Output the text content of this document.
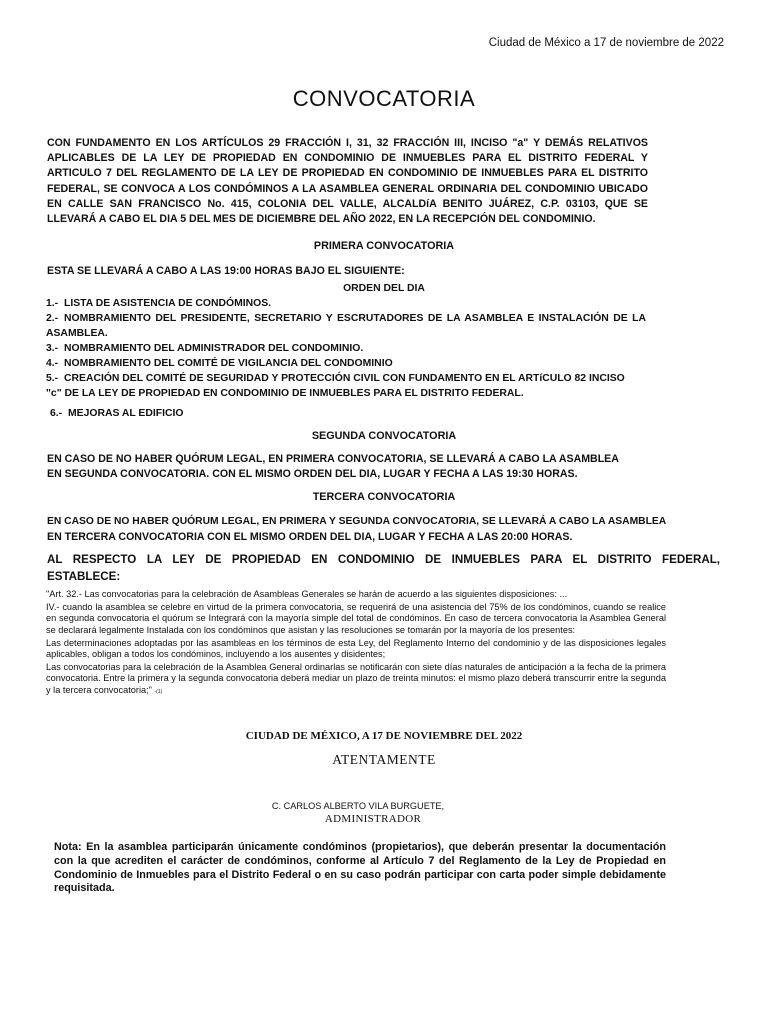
Ciudad de México a 17 de noviembre de 2022
CONVOCATORIA
CON FUNDAMENTO EN LOS ARTÍCULOS 29 FRACCIÓN I, 31, 32 FRACCIÓN III, INCISO "a" Y DEMÁS RELATIVOS APLICABLES DE LA LEY DE PROPIEDAD EN CONDOMINIO DE INMUEBLES PARA EL DISTRITO FEDERAL Y ARTICULO 7 DEL REGLAMENTO DE LA LEY DE PROPIEDAD EN CONDOMINIO DE INMUEBLES PARA EL DISTRITO FEDERAL, SE CONVOCA A LOS CONDÓMINOS A LA ASAMBLEA GENERAL ORDINARIA DEL CONDOMINIO UBICADO EN CALLE SAN FRANCISCO No. 415, COLONIA DEL VALLE, ALCALDíA BENITO JUÁREZ, C.P. 03103, QUE SE LLEVARÁ A CABO EL DIA 5 DEL MES DE DICIEMBRE DEL AÑO 2022, EN LA RECEPCIÓN DEL CONDOMINIO.
PRIMERA CONVOCATORIA
ESTA SE LLEVARÁ A CABO A LAS 19:00 HORAS BAJO EL SIGUIENTE:
ORDEN DEL DIA
1.- LISTA DE ASISTENCIA DE CONDÓMINOS.
2.- NOMBRAMIENTO DEL PRESIDENTE, SECRETARIO Y ESCRUTADORES DE LA ASAMBLEA E INSTALACIÓN DE LA ASAMBLEA.
3.- NOMBRAMIENTO DEL ADMINISTRADOR DEL CONDOMINIO.
4.- NOMBRAMIENTO DEL COMITÉ DE VIGILANCIA DEL CONDOMINIO
5.- CREACIÓN DEL COMITÉ DE SEGURIDAD Y PROTECCIÓN CIVIL CON FUNDAMENTO EN EL ARTíCULO 82 INCISO "c" DE LA LEY DE PROPIEDAD EN CONDOMINIO DE INMUEBLES PARA EL DISTRITO FEDERAL.
6.- MEJORAS AL EDIFICIO
SEGUNDA CONVOCATORIA
EN CASO DE NO HABER QUÓRUM LEGAL, EN PRIMERA CONVOCATORIA, SE LLEVARÁ A CABO LA ASAMBLEA
EN SEGUNDA CONVOCATORIA. CON EL MISMO ORDEN DEL DIA, LUGAR Y FECHA A LAS 19:30 HORAS.
TERCERA CONVOCATORIA
EN CASO DE NO HABER QUÓRUM LEGAL, EN PRIMERA Y SEGUNDA CONVOCATORIA, SE LLEVARÁ A CABO LA ASAMBLEA
EN TERCERA CONVOCATORIA CON EL MISMO ORDEN DEL DIA, LUGAR Y FECHA A LAS 20:00 HORAS.
AL RESPECTO LA LEY DE PROPIEDAD EN CONDOMINIO DE INMUEBLES PARA EL DISTRITO FEDERAL,
ESTABLECE:

"Art. 32.- Las convocatorias para la celebración de Asambleas Generales se harán de acuerdo a las siguientes disposiciones: ...

IV.- cuando la asamblea se celebre en virtud de la primera convocatoria, se requerirá de una asistencia del 75% de los condóminos, cuando se realice en segunda convocatoria el quórum se Integrará con la mayoría simple del total de condóminos. En caso de tercera convocatoria la Asamblea General se declarará legalmente Instalada con los condóminos que asistan y las resoluciones se tomarán por la mayoría de los presentes:

Las determinaciones adoptadas por las asambleas en los términos de esta Ley, del Reglamento Interno del condominio y de las disposiciones legales aplicables, obligan a todos los condóminos, incluyendo a los ausentes y disidentes;

Las convocatorias para la celebración de la Asamblea General ordinarlas se notificarán con siete días naturales de anticipación a la fecha de la primera convocatoria. Entre la primera y la segunda convocatoria deberá mediar un plazo de treinta minutos: el mismo plazo deberá transcurrir entre la segunda y la tercera convocatoria;" -(1)

CIUDAD DE MÉXICO, A 17 DE NOVIEMBRE DEL 2022
ATENTAMENTE
C. CARLOS ALBERTO VILA BURGUETE,
ADMINISTRADOR
Nota: En la asamblea participarán únicamente condóminos (propietarios), que deberán presentar la documentación con la que acrediten el carácter de condóminos, conforme al Artículo 7 del Reglamento de la Ley de Propiedad en Condominio de Inmuebles para el Distrito Federal o en su caso podrán participar con carta poder simple debidamente requisitada.
